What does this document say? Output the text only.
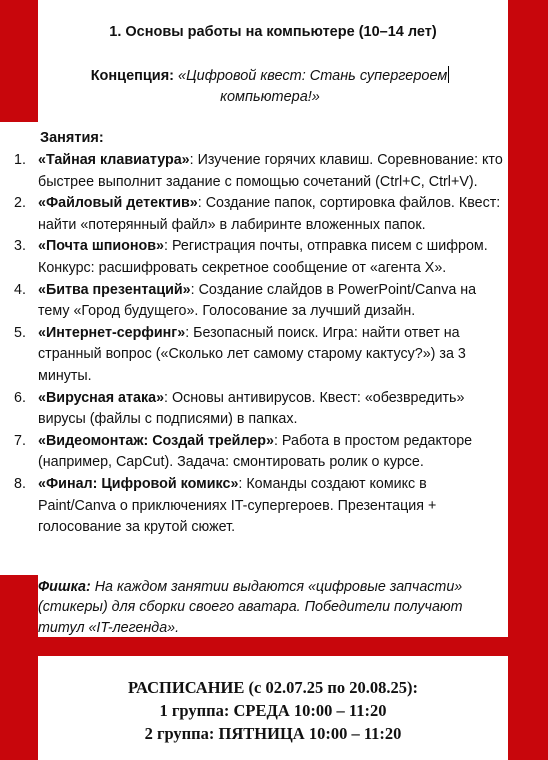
1. Основы работы на компьютере (10–14 лет)
Концепция: «Цифровой квест: Стань супергероем
компьютера!»
Занятия:
1. «Тайная клавиатура»: Изучение горячих клавиш. Соревнование: кто быстрее выполнит задание с помощью сочетаний (Ctrl+C, Ctrl+V).
2. «Файловый детектив»: Создание папок, сортировка файлов. Квест: найти «потерянный файл» в лабиринте вложенных папок.
3. «Почта шпионов»: Регистрация почты, отправка писем с шифром. Конкурс: расшифровать секретное сообщение от «агента X».
4. «Битва презентаций»: Создание слайдов в PowerPoint/Canva на тему «Город будущего». Голосование за лучший дизайн.
5. «Интернет-серфинг»: Безопасный поиск. Игра: найти ответ на странный вопрос («Сколько лет самому старому кактусу?») за 3 минуты.
6. «Вирусная атака»: Основы антивирусов. Квест: «обезвредить» вирусы (файлы с подписями) в папках.
7. «Видеомонтаж: Создай трейлер»: Работа в простом редакторе (например, CapCut). Задача: смонтировать ролик о курсе.
8. «Финал: Цифровой комикс»: Команды создают комикс в Paint/Canva о приключениях IT-супергероев. Презентация + голосование за крутой сюжет.
Фишка: На каждом занятии выдаются «цифровые запчасти» (стикеры) для сборки своего аватара. Победители получают титул «IT-легенда».
РАСПИСАНИЕ (с 02.07.25 по 20.08.25):
1 группа: СРЕДА 10:00 – 11:20
2 группа: ПЯТНИЦА 10:00 – 11:20
